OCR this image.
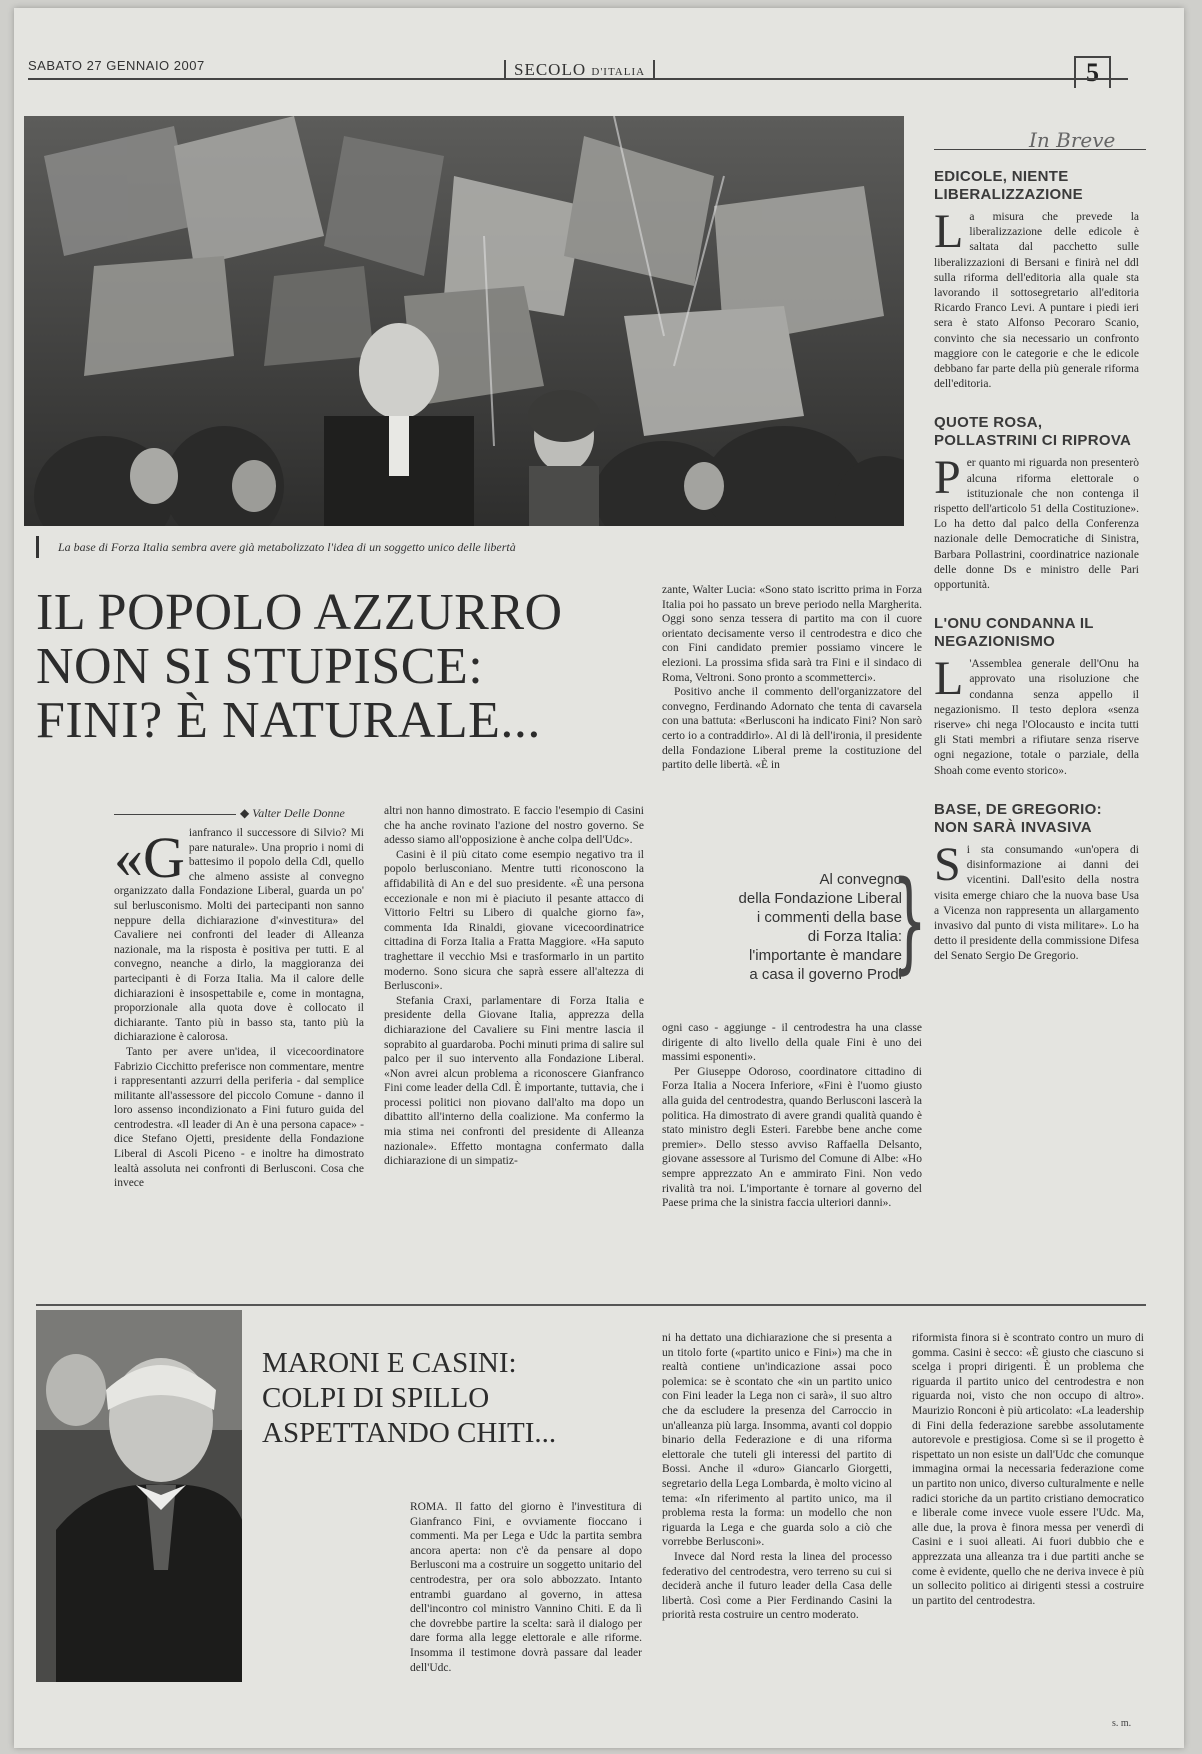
SABATO 27 GENNAIO 2007	SECOLO D'ITALIA	5
La base di Forza Italia sembra avere già metabolizzato l'idea di un soggetto unico delle libertà
In Breve
EDICOLE, NIENTE LIBERALIZZAZIONE
La misura che prevede la liberalizzazione delle edicole è saltata dal pacchetto sulle liberalizzazioni di Bersani e finirà nel ddl sulla riforma dell'editoria alla quale sta lavorando il sottosegretario all'editoria Ricardo Franco Levi. A puntare i piedi ieri sera è stato Alfonso Pecoraro Scanio, convinto che sia necessario un confronto maggiore con le categorie e che le edicole debbano far parte della più generale riforma dell'editoria.
QUOTE ROSA, POLLASTRINI CI RIPROVA
Per quanto mi riguarda non presenterò alcuna riforma elettorale o istituzionale che non contenga il rispetto dell'articolo 51 della Costituzione». Lo ha detto dal palco della Conferenza nazionale delle Democratiche di Sinistra, Barbara Pollastrini, coordinatrice nazionale delle donne Ds e ministro delle Pari opportunità.
L'ONU CONDANNA IL NEGAZIONISMO
L 'Assemblea generale dell'Onu ha approvato una risoluzione che condanna senza appello il negazionismo. Il testo deplora «senza riserve» chi nega l'Olocausto e incita tutti gli Stati membri a rifiutare senza riserve ogni negazione, totale o parziale, della Shoah come evento storico».
BASE, DE GREGORIO: NON SARÀ INVASIVA
Si sta consumando «un'opera di disinformazione ai danni dei vicentini. Dall'esito della nostra visita emerge chiaro che la nuova base Usa a Vicenza non rappresenta un allargamento invasivo dal punto di vista militare». Lo ha detto il presidente della commissione Difesa del Senato Sergio De Gregorio.
IL POPOLO AZZURRO
NON SI STUPISCE:
FINI? È NATURALE...
◆ Valter Delle Donne

«Gianfranco il successore di Silvio? Mi pare naturale». Una proprio i nomi di battesimo il popolo della Cdl, quello che almeno assiste al convegno organizzato dalla Fondazione Liberal, guarda un po' sul berlusconismo. Molti dei partecipanti non sanno neppure della dichiarazione d'«investitura» del Cavaliere nei confronti del leader di Alleanza nazionale, ma la risposta è positiva per tutti. E al convegno, neanche a dirlo, la maggioranza dei partecipanti è di Forza Italia. Ma il calore delle dichiarazioni è insospettabile e, come in montagna, proporzionale alla quota dove è collocato il dichiarante. Tanto più in basso sta, tanto più la dichiarazione è calorosa.

Tanto per avere un'idea, il vicecoordinatore Fabrizio Cicchitto preferisce non commentare, mentre i rappresentanti azzurri della periferia - dal semplice militante all'assessore del piccolo Comune - danno il loro assenso incondizionato a Fini futuro guida del centrodestra. «Il leader di An è una persona capace» - dice Stefano Ojetti, presidente della Fondazione Liberal di Ascoli Piceno - e inoltre ha dimostrato lealtà assoluta nei confronti di Berlusconi. Cosa che invece

altri non hanno dimostrato. E faccio l'esempio di Casini che ha anche rovinato l'azione del nostro governo. Se adesso siamo all'opposizione è anche colpa dell'Udc».

Casini è il più citato come esempio negativo tra il popolo berlusconiano. Mentre tutti riconoscono la affidabilità di An e del suo presidente. «È una persona eccezionale e non mi è piaciuto il pesante attacco di Vittorio Feltri su Libero di qualche giorno fa», commenta Ida Rinaldi, giovane vicecoordinatrice cittadina di Forza Italia a Fratta Maggiore. «Ha saputo traghettare il vecchio Msi e trasformarlo in un partito moderno. Sono sicura che saprà essere all'altezza di Berlusconi».

Stefania Craxi, parlamentare di Forza Italia e presidente della Giovane Italia, apprezza della dichiarazione del Cavaliere su Fini mentre lascia il soprabito al guardaroba. Pochi minuti prima di salire sul palco per il suo intervento alla Fondazione Liberal. «Non avrei alcun problema a riconoscere Gianfranco Fini come leader della Cdl. È importante, tuttavia, che i processi politici non piovano dall'alto ma dopo un dibattito all'interno della coalizione. Ma confermo la mia stima nei confronti del presidente di Alleanza nazionale». Effetto montagna confermato dalla dichiarazione di un simpatiz-

zante, Walter Lucia: «Sono stato iscritto prima in Forza Italia poi ho passato un breve periodo nella Margherita. Oggi sono senza tessera di partito ma con il cuore orientato decisamente verso il centrodestra e dico che con Fini candidato premier possiamo vincere le elezioni. La prossima sfida sarà tra Fini e il sindaco di Roma, Veltroni. Sono pronto a scommetterci».

Positivo anche il commento dell'organizzatore del convegno, Ferdinando Adornato che tenta di cavarsela con una battuta: «Berlusconi ha indicato Fini? Non sarò certo io a contraddirlo». Al di là dell'ironia, il presidente della Fondazione Liberal preme la costituzione del partito delle libertà. «È in

Al convegno
della Fondazione Liberal
i commenti della base
di Forza Italia:
l'importante è mandare
a casa il governo Prodi
}

ogni caso - aggiunge - il centrodestra ha una classe dirigente di alto livello della quale Fini è uno dei massimi esponenti».

Per Giuseppe Odoroso, coordinatore cittadino di Forza Italia a Nocera Inferiore, «Fini è l'uomo giusto alla guida del centrodestra, quando Berlusconi lascerà la politica. Ha dimostrato di avere grandi qualità quando è stato ministro degli Esteri. Farebbe bene anche come premier». Dello stesso avviso Raffaella Delsanto, giovane assessore al Turismo del Comune di Albe: «Ho sempre apprezzato An e ammirato Fini. Non vedo rivalità tra noi. L'importante è tornare al governo del Paese prima che la sinistra faccia ulteriori danni».

MARONI E CASINI:
COLPI DI SPILLO
ASPETTANDO CHITI...

ROMA. Il fatto del giorno è l'investitura di Gianfranco Fini, e ovviamente fioccano i commenti. Ma per Lega e Udc la partita sembra ancora aperta: non c'è da pensare al dopo Berlusconi ma a costruire un soggetto unitario del centrodestra, per ora solo abbozzato. Intanto entrambi guardano al governo, in attesa dell'incontro col ministro Vannino Chiti. E da lì che dovrebbe partire la scelta: sarà il dialogo per dare forma alla legge elettorale e alle riforme. Insomma il testimone dovrà passare dal leader dell'Udc.

ni ha dettato una dichiarazione che si presenta a un titolo forte («partito unico e Fini») ma che in realtà contiene un'indicazione assai poco polemica: se è scontato che «in un partito unico con Fini leader la Lega non ci sarà», il suo altro che da escludere la presenza del Carroccio in un'alleanza più larga. Insomma, avanti col doppio binario della Federazione e di una riforma elettorale che tuteli gli interessi del partito di Bossi. Anche il «duro» Giancarlo Giorgetti, segretario della Lega Lombarda, è molto vicino al tema: «In riferimento al partito unico, ma il problema resta la forma: un modello che non riguarda la Lega e che guarda solo a ciò che vorrebbe Berlusconi».

Invece dal Nord resta la linea del processo federativo del centrodestra, vero terreno su cui si deciderà anche il futuro leader della Casa delle libertà. Così come a Pier Ferdinando Casini la priorità resta costruire un centro moderato.

riformista finora si è scontrato contro un muro di gomma. Casini è secco: «È giusto che ciascuno si scelga i propri dirigenti. È un problema che riguarda il partito unico del centrodestra e non riguarda noi, visto che non occupo di altro». Maurizio Ronconi è più articolato: «La leadership di Fini della federazione sarebbe assolutamente autorevole e prestigiosa. Come sì se il progetto è rispettato un non esiste un dall'Udc che comunque immagina ormai la necessaria federazione come un partito non unico, diverso culturalmente e nelle radici storiche da un partito cristiano democratico e liberale come invece vuole essere l'Udc. Ma, alle due, la prova è finora messa per venerdì di Casini e i suoi alleati. Ai fuori dubbio che e apprezzata una alleanza tra i due partiti anche se come è evidente, quello che ne deriva invece è più un sollecito politico ai dirigenti stessi a costruire un partito del centrodestra.

s. m.
